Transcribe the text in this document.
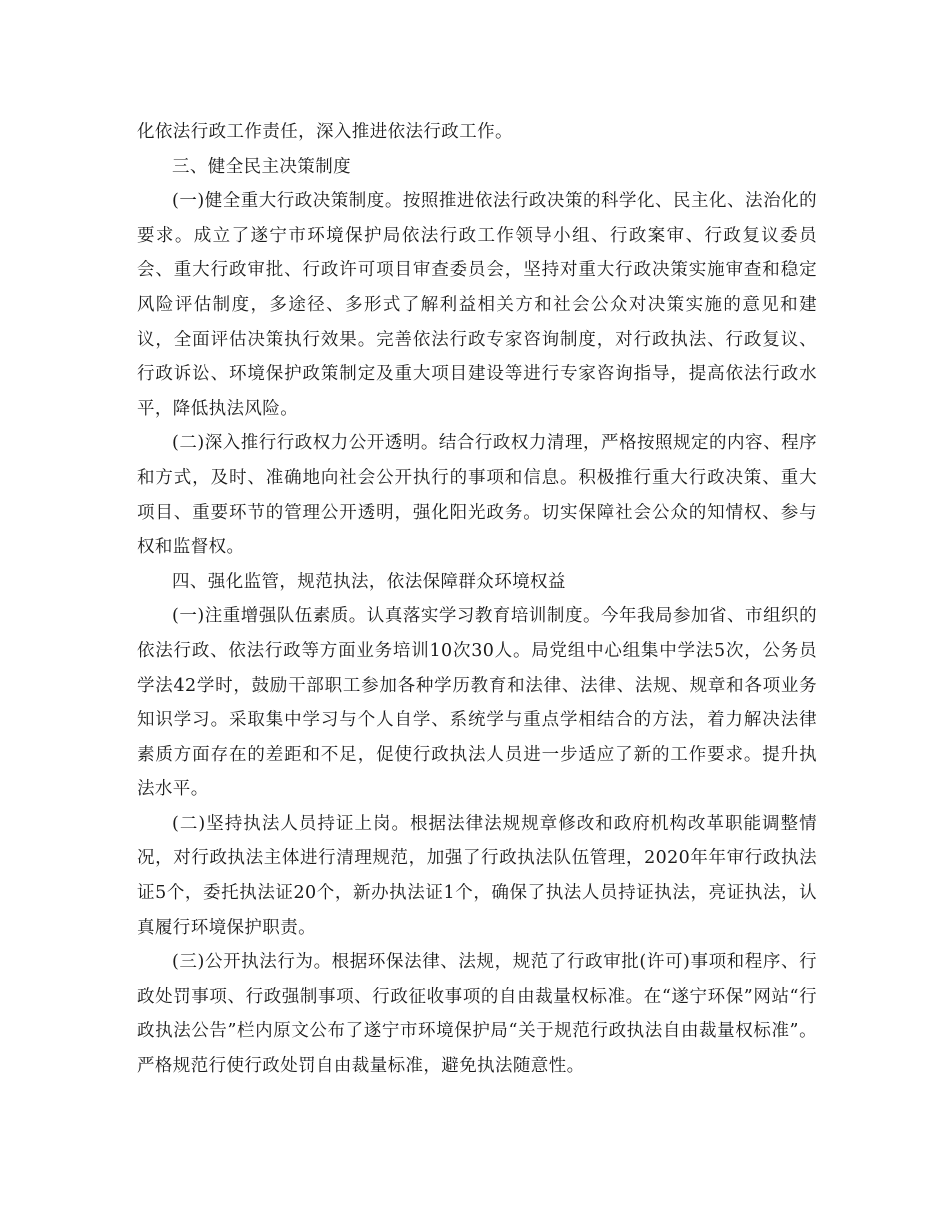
化依法行政工作责任，深入推进依法行政工作。

三、健全民主决策制度

(一)健全重大行政决策制度。按照推进依法行政决策的科学化、民主化、法治化的要求。成立了遂宁市环境保护局依法行政工作领导小组、行政案审、行政复议委员会、重大行政审批、行政许可项目审查委员会，坚持对重大行政决策实施审查和稳定风险评估制度，多途径、多形式了解利益相关方和社会公众对决策实施的意见和建议，全面评估决策执行效果。完善依法行政专家咨询制度，对行政执法、行政复议、行政诉讼、环境保护政策制定及重大项目建设等进行专家咨询指导，提高依法行政水平，降低执法风险。

(二)深入推行行政权力公开透明。结合行政权力清理，严格按照规定的内容、程序和方式，及时、准确地向社会公开执行的事项和信息。积极推行重大行政决策、重大项目、重要环节的管理公开透明，强化阳光政务。切实保障社会公众的知情权、参与权和监督权。

四、强化监管，规范执法，依法保障群众环境权益

(一)注重增强队伍素质。认真落实学习教育培训制度。今年我局参加省、市组织的依法行政、依法行政等方面业务培训10次30人。局党组中心组集中学法5次，公务员学法42学时，鼓励干部职工参加各种学历教育和法律、法律、法规、规章和各项业务知识学习。采取集中学习与个人自学、系统学与重点学相结合的方法，着力解决法律素质方面存在的差距和不足，促使行政执法人员进一步适应了新的工作要求。提升执法水平。

(二)坚持执法人员持证上岗。根据法律法规规章修改和政府机构改革职能调整情况，对行政执法主体进行清理规范，加强了行政执法队伍管理，2020年年审行政执法证5个，委托执法证20个，新办执法证1个，确保了执法人员持证执法，亮证执法，认真履行环境保护职责。

(三)公开执法行为。根据环保法律、法规，规范了行政审批(许可)事项和程序、行政处罚事项、行政强制事项、行政征收事项的自由裁量权标准。在“遂宁环保”网站“行政执法公告”栏内原文公布了遂宁市环境保护局“关于规范行政执法自由裁量权标准”。严格规范行使行政处罚自由裁量标准，避免执法随意性。
